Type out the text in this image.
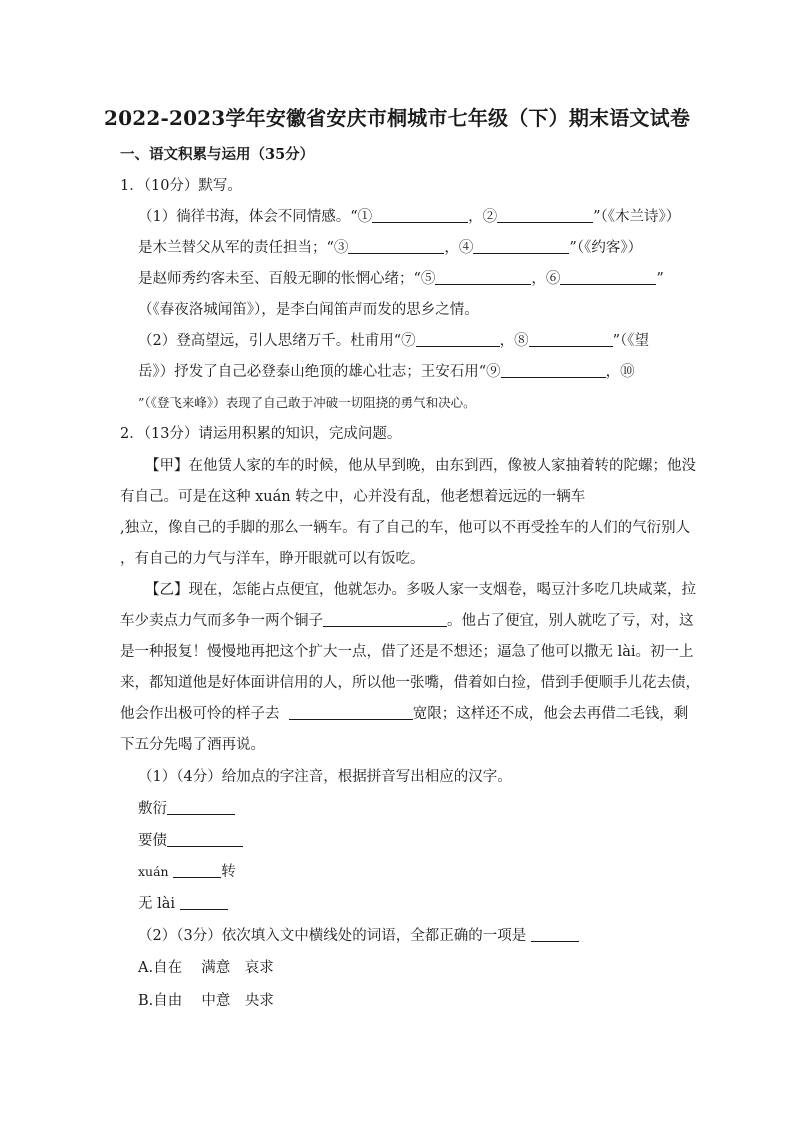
2022-2023学年安徽省安庆市桐城市七年级（下）期末语文试卷
一、语文积累与运用（35分）
1．（10分）默写。
（1）徜徉书海，体会不同情感。“①	，②	”（《木兰诗》）
是木兰替父从军的责任担当；“③	，④	”（《约客》）
是赵师秀约客未至、百般无聊的怅惘心绪；“⑤	，⑥	”
（《春夜洛城闻笛》），是李白闻笛声而发的思乡之情。
（2）登高望远，引人思绪万千。杜甫用“⑦	，⑧	”（《望
岳》）抒发了自己必登泰山绝顶的雄心壮志；王安石用“⑨	，⑩
”（《登飞来峰》）表现了自己敢于冲破一切阻挠的勇气和决心。
2．（13分）请运用积累的知识，完成问题。
【甲】在他赁人家的车的时候，他从早到晚，由东到西，像被人家抽着转的陀螺；他没
有自己。可是在这种 xuán 转之中，心并没有乱，他老想着远远的一辆车
,独立，像自己的手脚的那么一辆车。有了自己的车，他可以不再受拴车的人们的气衍别人
，有自己的力气与洋车，睁开眼就可以有饭吃。
【乙】现在，怎能占点便宜，他就怎办。多吸人家一支烟卷，喝豆汁多吃几块咸菜，拉
车少卖点力气而多争一两个铜子	。他占了便宜，别人就吃了亏，对，这
是一种报复！慢慢地再把这个扩大一点，借了还是不想还；逼急了他可以撒无 lài。初一上
来，都知道他是好体面讲信用的人，所以他一张嘴，借着如白捡，借到手便顺手儿花去债，
他会作出极可怜的样子去	宽限；这样还不成，他会去再借二毛钱，剩
下五分先喝了酒再说。
（1）（4分）给加点的字注音，根据拼音写出相应的汉字。
敷衍
要债
xuán	转
无 lài
（2）（3分）依次填入文中横线处的词语，全都正确的一项是
A.自在　 满意　哀求
B.自由　 中意　央求
